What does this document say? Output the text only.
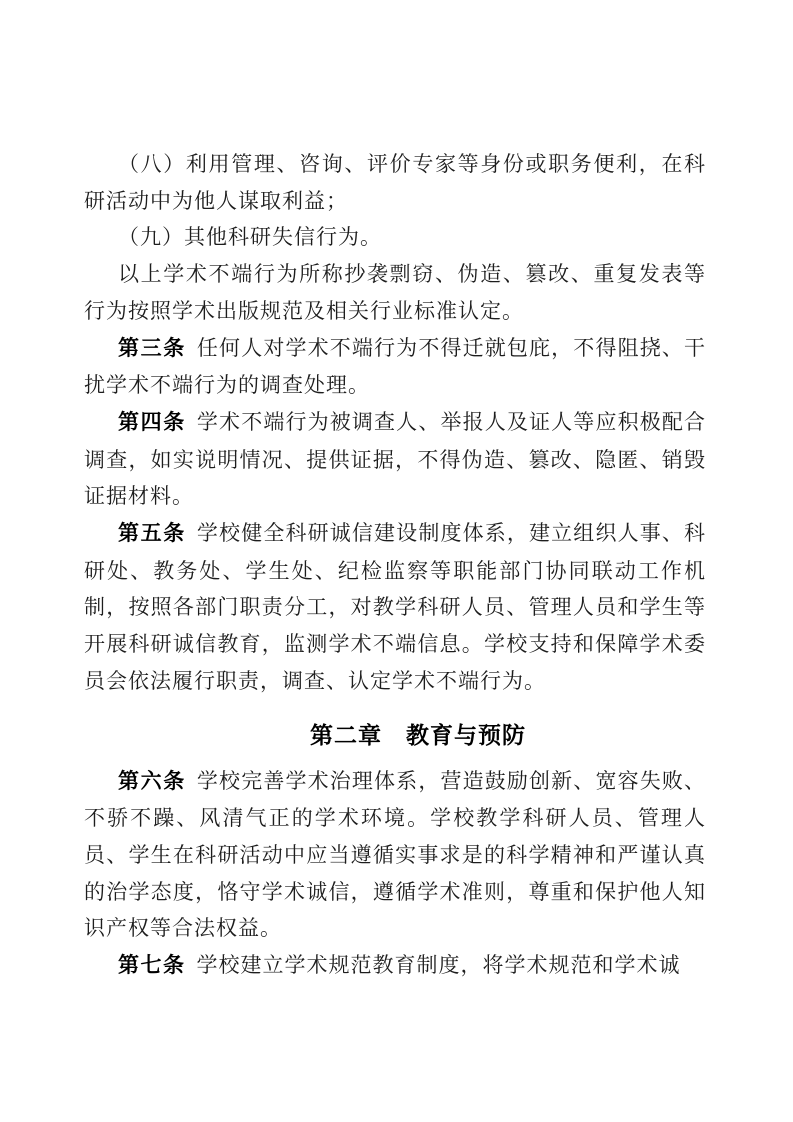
（八）利用管理、咨询、评价专家等身份或职务便利，在科研活动中为他人谋取利益；

（九）其他科研失信行为。

以上学术不端行为所称抄袭剽窃、伪造、篡改、重复发表等行为按照学术出版规范及相关行业标准认定。

第三条 任何人对学术不端行为不得迁就包庇，不得阻挠、干扰学术不端行为的调查处理。

第四条 学术不端行为被调查人、举报人及证人等应积极配合调查，如实说明情况、提供证据，不得伪造、篡改、隐匿、销毁证据材料。

第五条 学校健全科研诚信建设制度体系，建立组织人事、科研处、教务处、学生处、纪检监察等职能部门协同联动工作机制，按照各部门职责分工，对教学科研人员、管理人员和学生等开展科研诚信教育，监测学术不端信息。学校支持和保障学术委员会依法履行职责，调查、认定学术不端行为。

第二章　教育与预防

第六条 学校完善学术治理体系，营造鼓励创新、宽容失败、不骄不躁、风清气正的学术环境。学校教学科研人员、管理人员、学生在科研活动中应当遵循实事求是的科学精神和严谨认真的治学态度，恪守学术诚信，遵循学术准则，尊重和保护他人知识产权等合法权益。

第七条 学校建立学术规范教育制度，将学术规范和学术诚
